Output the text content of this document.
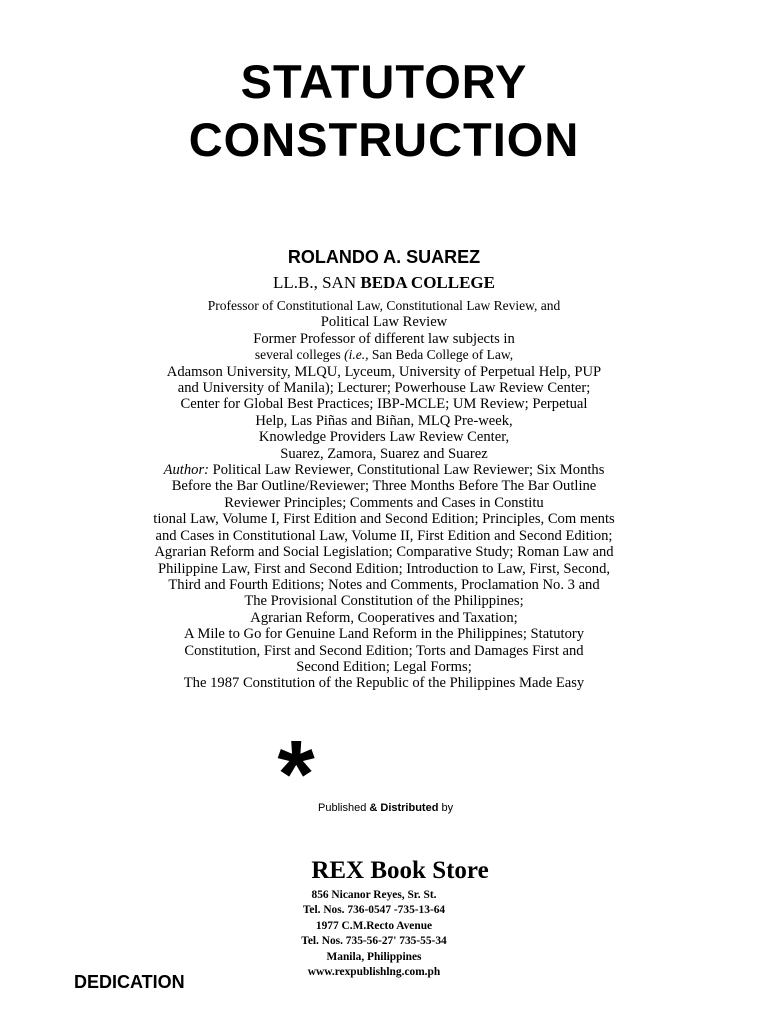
STATUTORY
CONSTRUCTION
ROLANDO A. SUAREZ
LL.B., SAN BEDA COLLEGE
Professor of Constitutional Law, Constitutional Law Review, and
Political Law Review
Former Professor of different law subjects in
several colleges (i.e., San Beda College of Law,
Adamson University, MLQU, Lyceum, University of Perpetual Help, PUP
and University of Manila); Lecturer; Powerhouse Law Review Center;
Center for Global Best Practices; IBP-MCLE; UM Review; Perpetual
Help, Las Piñas and Biñan, MLQ Pre-week,
Knowledge Providers Law Review Center,
Suarez, Zamora, Suarez and Suarez
Author: Political Law Reviewer, Constitutional Law Reviewer; Six Months
Before the Bar Outline/Reviewer; Three Months Before The Bar Outline
Reviewer Principles; Comments and Cases in Constitu
tional Law, Volume I, First Edition and Second Edition; Principles, Com ments
and Cases in Constitutional Law, Volume II, First Edition and Second Edition;
Agrarian Reform and Social Legislation; Comparative Study; Roman Law and
Philippine Law, First and Second Edition; Introduction to Law, First, Second,
Third and Fourth Editions; Notes and Comments, Proclamation No. 3 and
The Provisional Constitution of the Philippines;
Agrarian Reform, Cooperatives and Taxation;
A Mile to Go for Genuine Land Reform in the Philippines; Statutory
Constitution, First and Second Edition; Torts and Damages First and
Second Edition; Legal Forms;
The 1987 Constitution of the Republic of the Philippines Made Easy
* Published & Distributed by
REX Book Store
856 Nicanor Reyes, Sr. St.
Tel. Nos. 736-0547 -735-13-64
1977 C.M.Recto Avenue
Tel. Nos. 735-56-27' 735-55-34
Manila, Philippines
www.rexpublishlng.com.ph
DEDICATION
